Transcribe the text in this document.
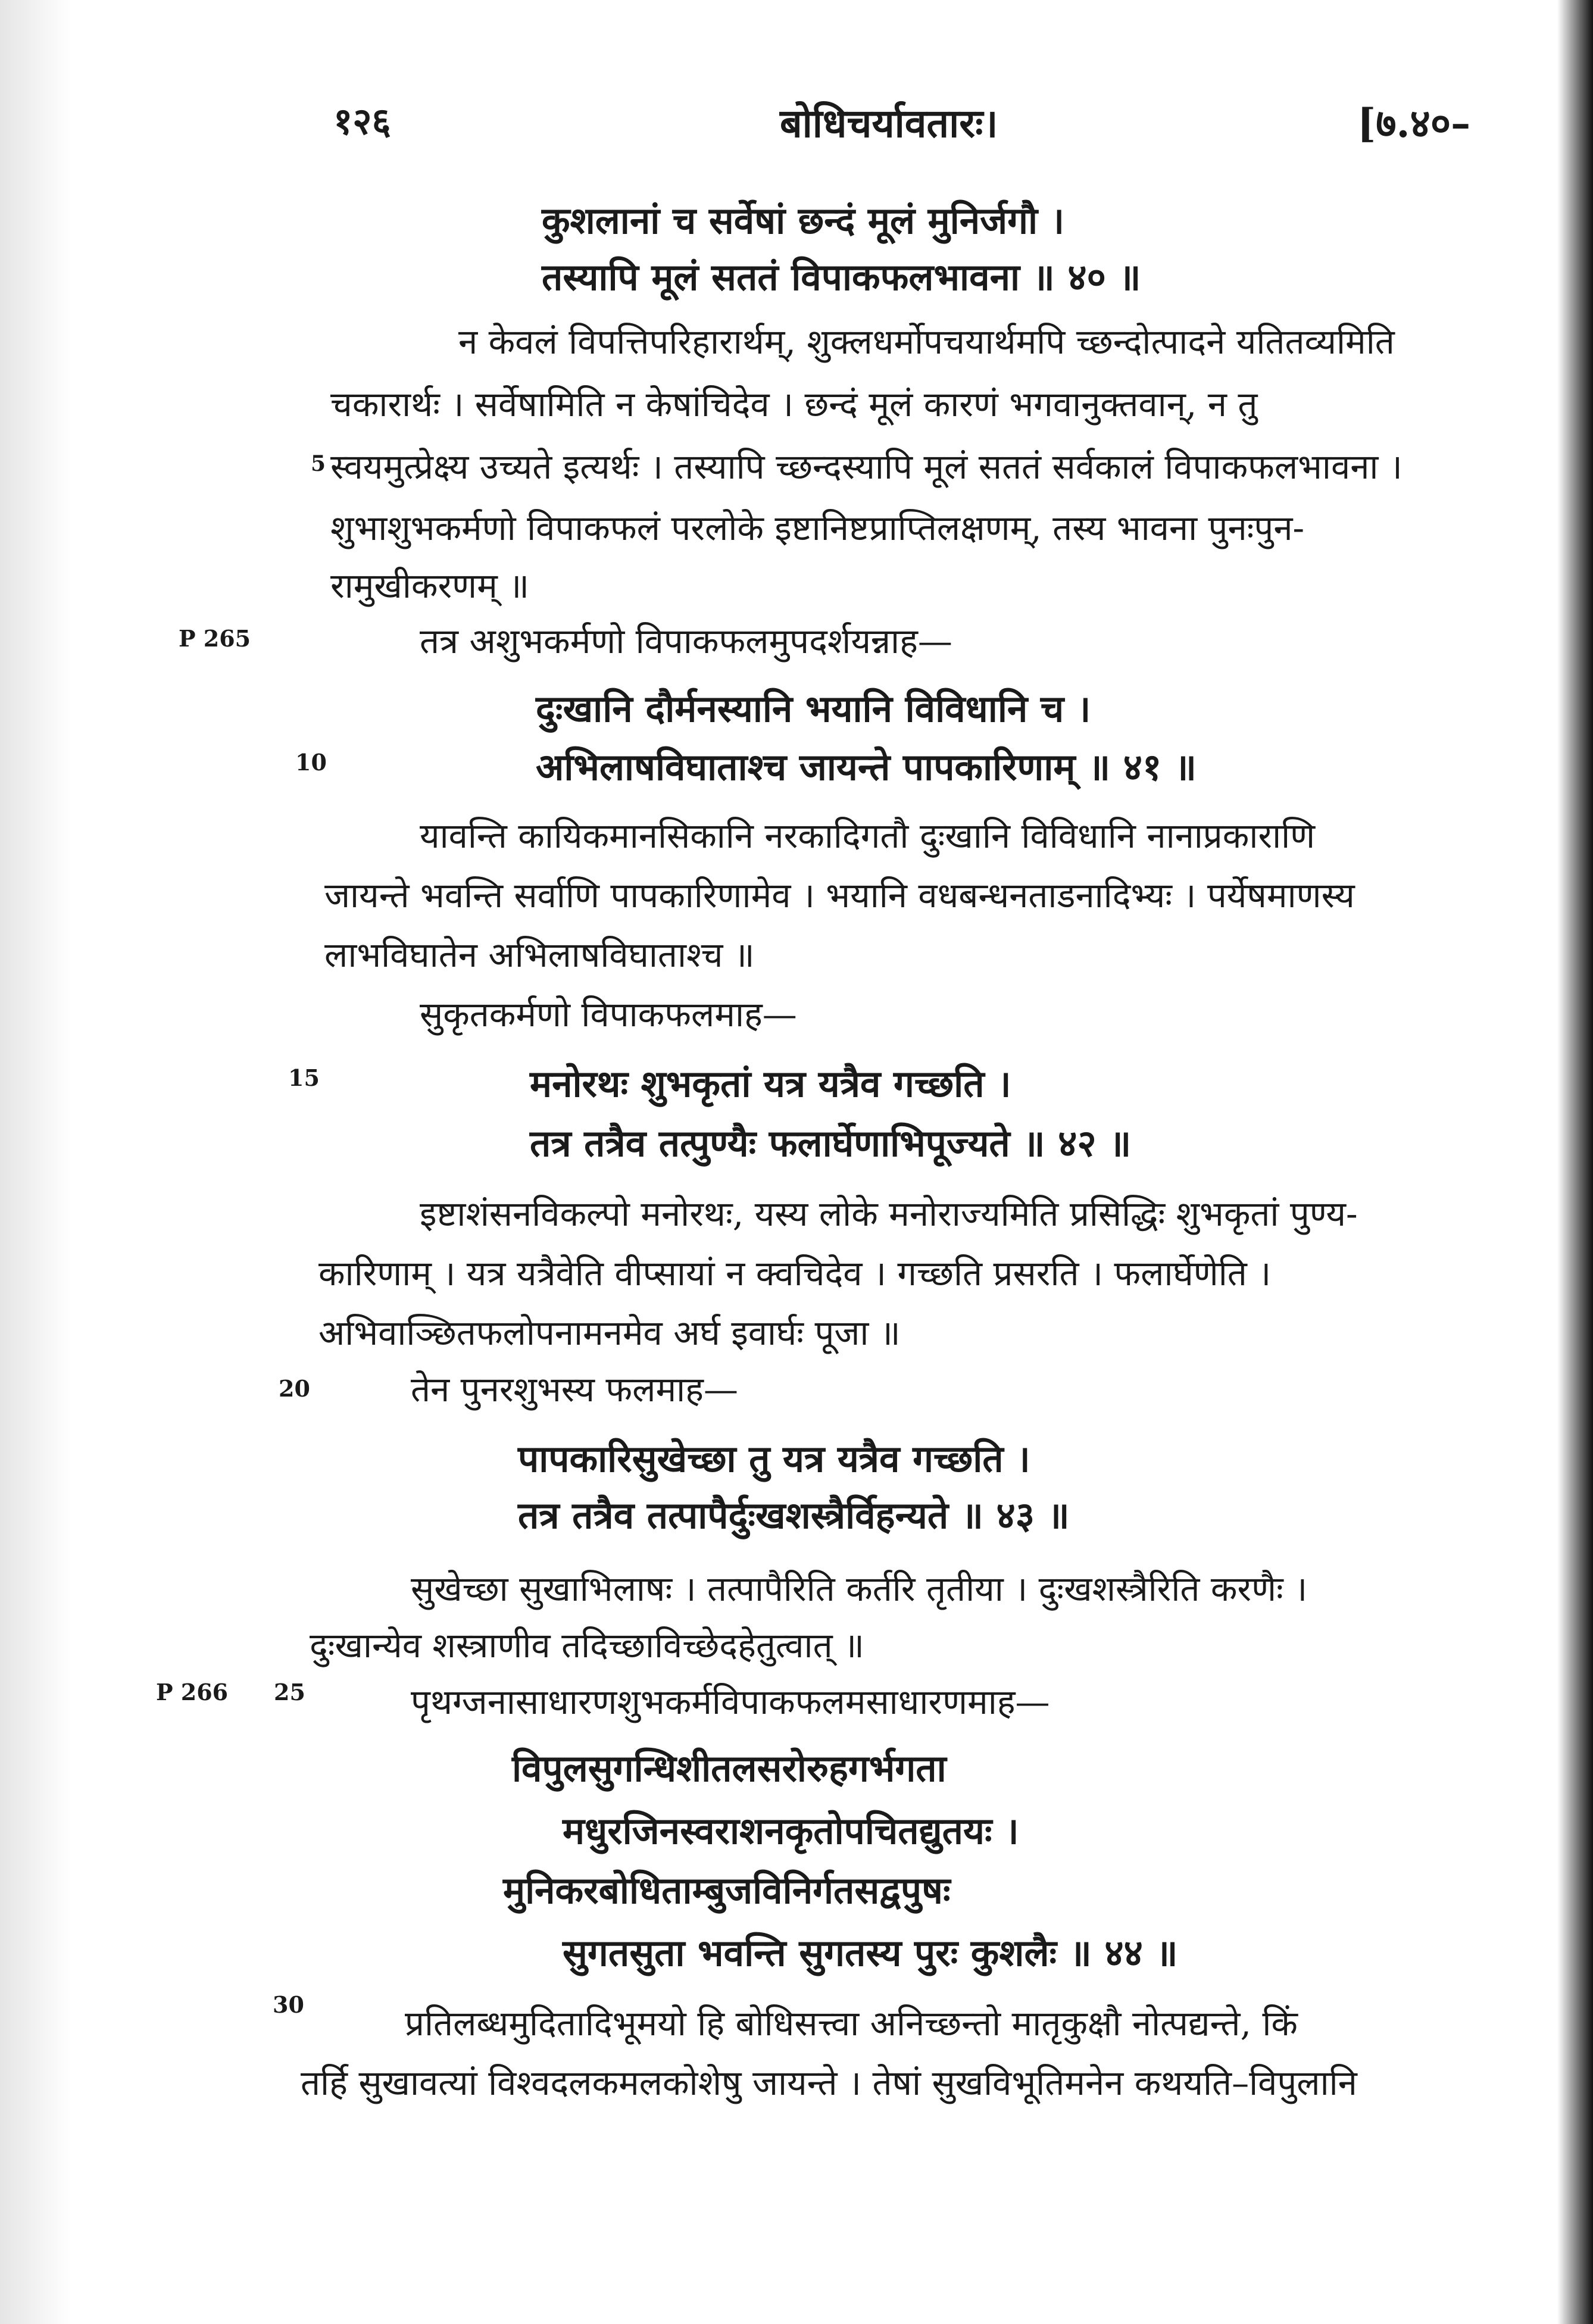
१२६	बोधिचर्यावतारः।	[७.४०–
P 265
P 266
5
10
15
20
25
30
कुशलानां च सर्वेषां छन्दं मूलं मुनिर्जगौ ।
तस्यापि मूलं सततं विपाकफलभावना ॥ ४० ॥
न केवलं विपत्तिपरिहारार्थम्, शुक्लधर्मोपचयार्थमपि च्छन्दोत्पादने यतितव्यमिति
चकारार्थः । सर्वेषामिति न केषांचिदेव । छन्दं मूलं कारणं भगवानुक्तवान्, न तु
स्वयमुत्प्रेक्ष्य उच्यते इत्यर्थः । तस्यापि च्छन्दस्यापि मूलं सततं सर्वकालं विपाकफलभावना ।
शुभाशुभकर्मणो विपाकफलं परलोके इष्टानिष्टप्राप्तिलक्षणम्, तस्य भावना पुनःपुन-
रामुखीकरणम् ॥
तत्र अशुभकर्मणो विपाकफलमुपदर्शयन्नाह—
दुःखानि दौर्मनस्यानि भयानि विविधानि च ।
अभिलाषविघाताश्च जायन्ते पापकारिणाम् ॥ ४१ ॥
यावन्ति कायिकमानसिकानि नरकादिगतौ दुःखानि विविधानि नानाप्रकाराणि
जायन्ते भवन्ति सर्वाणि पापकारिणामेव । भयानि वधबन्धनताडनादिभ्यः । पर्येषमाणस्य
लाभविघातेन अभिलाषविघाताश्च ॥
सुकृतकर्मणो विपाकफलमाह—
मनोरथः शुभकृतां यत्र यत्रैव गच्छति ।
तत्र तत्रैव तत्पुण्यैः फलार्घेणाभिपूज्यते ॥ ४२ ॥
इष्टाशंसनविकल्पो मनोरथः, यस्य लोके मनोराज्यमिति प्रसिद्धिः शुभकृतां पुण्य-
कारिणाम् । यत्र यत्रैवेति वीप्सायां न क्वचिदेव । गच्छति प्रसरति । फलार्घेणेति ।
अभिवाञ्छितफलोपनामनमेव अर्घ इवार्घः पूजा ॥
तेन पुनरशुभस्य फलमाह—
पापकारिसुखेच्छा तु यत्र यत्रैव गच्छति ।
तत्र तत्रैव तत्पापैर्दुःखशस्त्रैर्विहन्यते ॥ ४३ ॥
सुखेच्छा सुखाभिलाषः । तत्पापैरिति कर्तरि तृतीया । दुःखशस्त्रैरिति करणैः ।
दुःखान्येव शस्त्राणीव तदिच्छाविच्छेदहेतुत्वात् ॥
पृथग्जनासाधारणशुभकर्मविपाकफलमसाधारणमाह—
विपुलसुगन्धिशीतलसरोरुहगर्भगता
मधुरजिनस्वराशनकृतोपचितद्युतयः ।
मुनिकरबोधिताम्बुजविनिर्गतसद्वपुषः
सुगतसुता भवन्ति सुगतस्य पुरः कुशलैः ॥ ४४ ॥
प्रतिलब्धमुदितादिभूमयो हि बोधिसत्त्वा अनिच्छन्तो मातृकुक्षौ नोत्पद्यन्ते, किं
तर्हि सुखावत्यां विश्वदलकमलकोशेषु जायन्ते । तेषां सुखविभूतिमनेन कथयति–विपुलानि
